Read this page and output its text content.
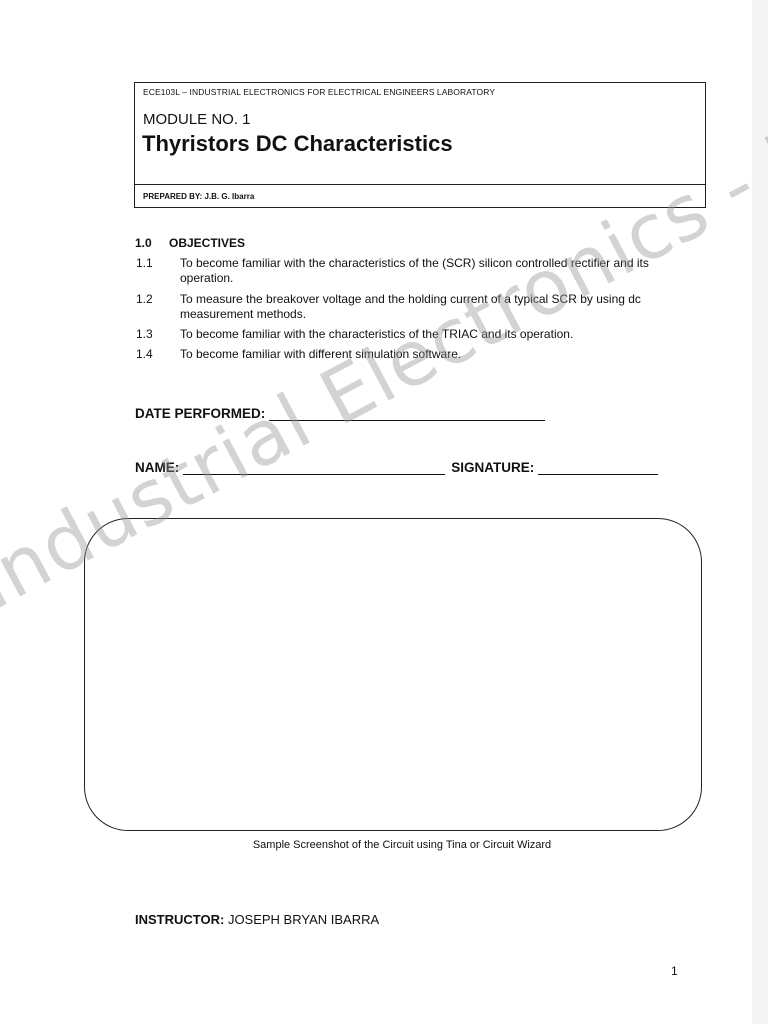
ECE103L – INDUSTRIAL ELECTRONICS FOR ELECTRICAL ENGINEERS LABORATORY
MODULE NO. 1
Thyristors DC Characteristics
PREPARED BY: J.B. G. Ibarra
1.0 OBJECTIVES
1.1 To become familiar with the characteristics of the (SCR) silicon controlled rectifier and its operation.
1.2 To measure the breakover voltage and the holding current of a typical SCR by using dc measurement methods.
1.3 To become familiar with the characteristics of the TRIAC and its operation.
1.4 To become familiar with different simulation software.
DATE PERFORMED:
NAME:	SIGNATURE:
Sample Screenshot of the Circuit using Tina or Circuit Wizard
INSTRUCTOR: JOSEPH BRYAN IBARRA
1
Industrial Electronics -
